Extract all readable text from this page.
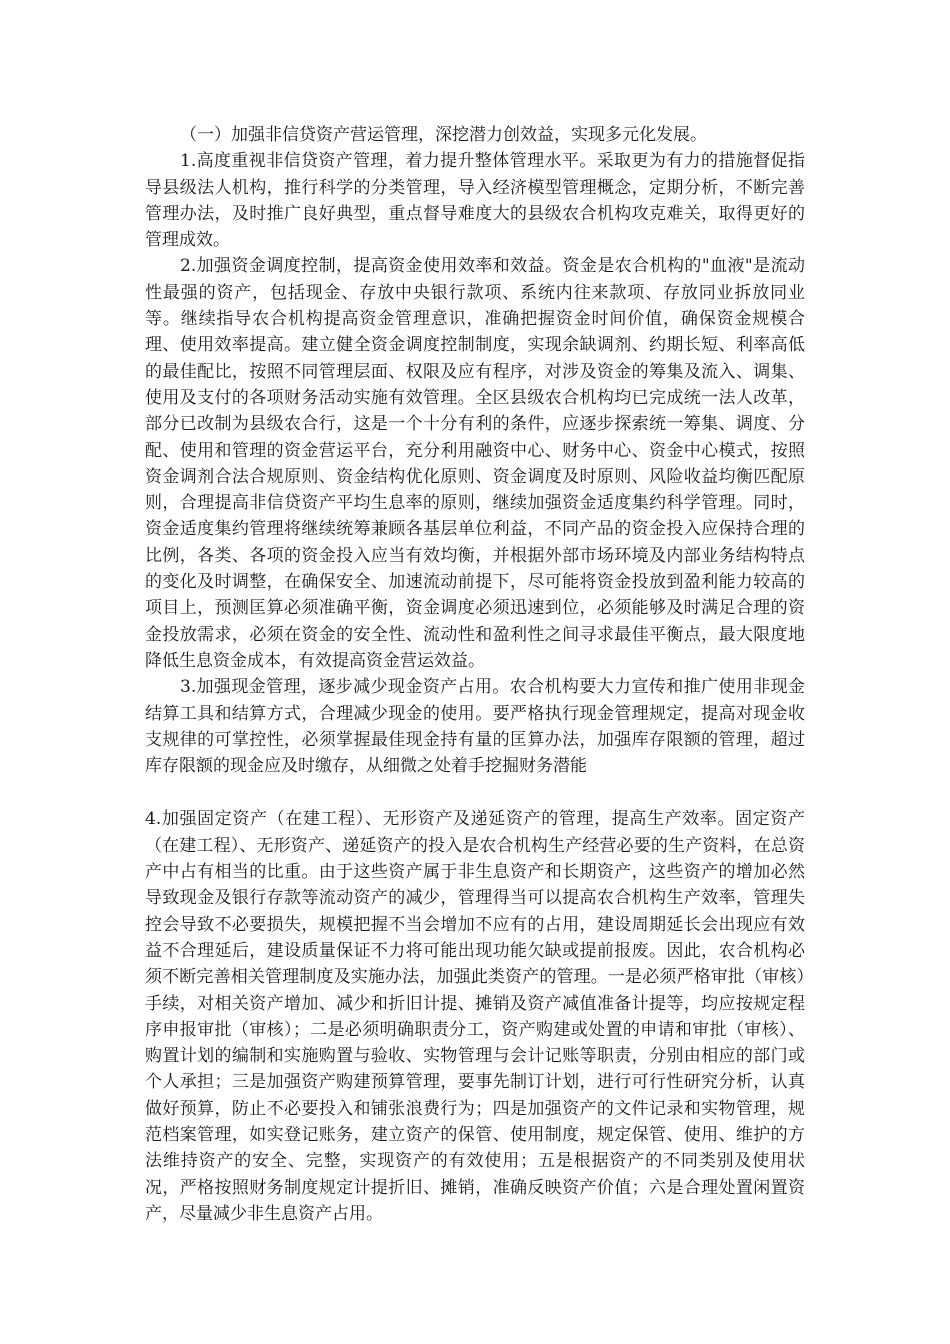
（一）加强非信贷资产营运管理，深挖潜力创效益，实现多元化发展。

1.高度重视非信贷资产管理，着力提升整体管理水平。采取更为有力的措施督促指导县级法人机构，推行科学的分类管理，导入经济模型管理概念，定期分析，不断完善管理办法，及时推广良好典型，重点督导难度大的县级农合机构攻克难关，取得更好的管理成效。

2.加强资金调度控制，提高资金使用效率和效益。资金是农合机构的"血液"是流动性最强的资产，包括现金、存放中央银行款项、系统内往来款项、存放同业拆放同业等。继续指导农合机构提高资金管理意识，准确把握资金时间价值，确保资金规模合理、使用效率提高。建立健全资金调度控制制度，实现余缺调剂、约期长短、利率高低的最佳配比，按照不同管理层面、权限及应有程序，对涉及资金的筹集及流入、调集、使用及支付的各项财务活动实施有效管理。全区县级农合机构均已完成统一法人改革，部分已改制为县级农合行，这是一个十分有利的条件，应逐步探索统一筹集、调度、分配、使用和管理的资金营运平台，充分利用融资中心、财务中心、资金中心模式，按照资金调剂合法合规原则、资金结构优化原则、资金调度及时原则、风险收益均衡匹配原则，合理提高非信贷资产平均生息率的原则，继续加强资金适度集约科学管理。同时，资金适度集约管理将继续统筹兼顾各基层单位利益，不同产品的资金投入应保持合理的比例，各类、各项的资金投入应当有效均衡，并根据外部市场环境及内部业务结构特点的变化及时调整，在确保安全、加速流动前提下，尽可能将资金投放到盈利能力较高的项目上，预测匡算必须准确平衡，资金调度必须迅速到位，必须能够及时满足合理的资金投放需求，必须在资金的安全性、流动性和盈利性之间寻求最佳平衡点，最大限度地降低生息资金成本，有效提高资金营运效益。

3.加强现金管理，逐步减少现金资产占用。农合机构要大力宣传和推广使用非现金结算工具和结算方式，合理减少现金的使用。要严格执行现金管理规定，提高对现金收支规律的可掌控性，必须掌握最佳现金持有量的匡算办法，加强库存限额的管理，超过库存限额的现金应及时缴存，从细微之处着手挖掘财务潜能

4.加强固定资产（在建工程）、无形资产及递延资产的管理，提高生产效率。固定资产（在建工程）、无形资产、递延资产的投入是农合机构生产经营必要的生产资料，在总资产中占有相当的比重。由于这些资产属于非生息资产和长期资产，这些资产的增加必然导致现金及银行存款等流动资产的减少，管理得当可以提高农合机构生产效率，管理失控会导致不必要损失，规模把握不当会增加不应有的占用，建设周期延长会出现应有效益不合理延后，建设质量保证不力将可能出现功能欠缺或提前报废。因此，农合机构必须不断完善相关管理制度及实施办法，加强此类资产的管理。一是必须严格审批（审核）手续，对相关资产增加、减少和折旧计提、摊销及资产减值准备计提等，均应按规定程序申报审批（审核）；二是必须明确职责分工，资产购建或处置的申请和审批（审核）、购置计划的编制和实施购置与验收、实物管理与会计记账等职责，分别由相应的部门或个人承担；三是加强资产购建预算管理，要事先制订计划，进行可行性研究分析，认真做好预算，防止不必要投入和铺张浪费行为；四是加强资产的文件记录和实物管理，规范档案管理，如实登记账务，建立资产的保管、使用制度，规定保管、使用、维护的方法维持资产的安全、完整，实现资产的有效使用；五是根据资产的不同类别及使用状况，严格按照财务制度规定计提折旧、摊销，准确反映资产价值；六是合理处置闲置资产，尽量减少非生息资产占用。
